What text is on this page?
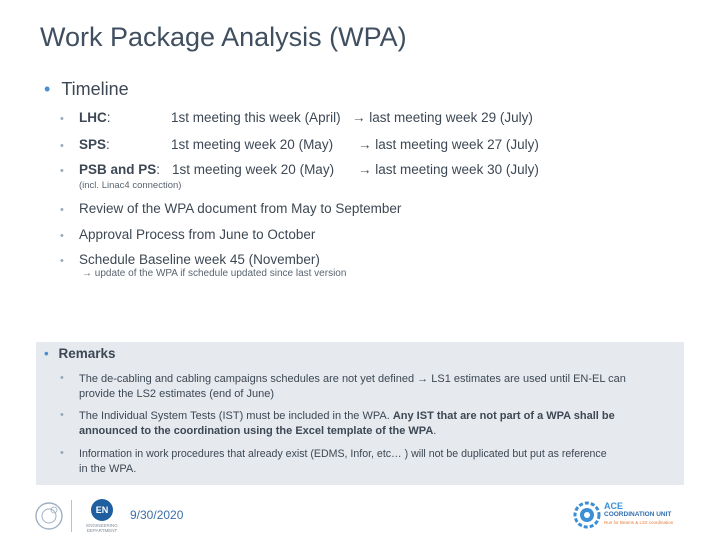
Work Package Analysis (WPA)
• Timeline
• LHC:	1st meeting this week (April) → last meeting week 29 (July)
• SPS:	1st meeting week 20 (May) → last meeting week 27 (July)
• PSB and PS: 1st meeting week 20 (May) → last meeting week 30 (July)
(incl. Linac4 connection)
• Review of the WPA document from May to September
• Approval Process from June to October
• Schedule Baseline week 45 (November)
→ update of the WPA if schedule updated since last version
• Remarks
• The de-cabling and cabling campaigns schedules are not yet defined → LS1 estimates are used until EN-EL can
provide the LS2 estimates (end of June)
• The Individual System Tests (IST) must be included in the WPA. Any IST that are not part of a WPA shall be
announced to the coordination using the Excel template of the WPA.
• Information in work procedures that already exist (EDMS, Infor, etc… ) will not be duplicated but put as reference
in the WPA.
EN
ENGINEERING
DEPARTMENT
9/30/2020
ACE
COORDINATION UNIT
Run for Beams & LS2 coordination
